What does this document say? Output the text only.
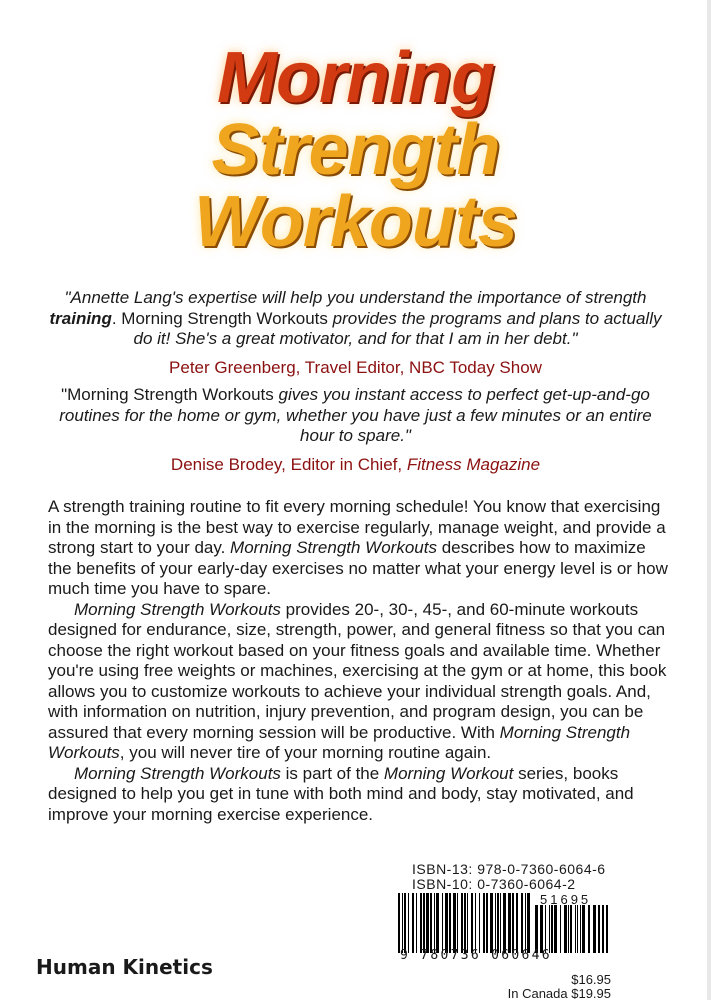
Morning
Strength
Workouts
"Annette Lang's expertise will help you understand the importance of strength training. Morning Strength Workouts provides the programs and plans to actually do it! She's a great motivator, and for that I am in her debt."
Peter Greenberg, Travel Editor, NBC Today Show
"Morning Strength Workouts gives you instant access to perfect get-up-and-go routines for the home or gym, whether you have just a few minutes or an entire hour to spare."
Denise Brodey, Editor in Chief, Fitness Magazine

A strength training routine to fit every morning schedule! You know that exercising in the morning is the best way to exercise regularly, manage weight, and provide a strong start to your day. Morning Strength Workouts describes how to maximize the benefits of your early-day exercises no matter what your energy level is or how much time you have to spare.

Morning Strength Workouts provides 20-, 30-, 45-, and 60-minute workouts designed for endurance, size, strength, power, and general fitness so that you can choose the right workout based on your fitness goals and available time. Whether you're using free weights or machines, exercising at the gym or at home, this book allows you to customize workouts to achieve your individual strength goals. And, with information on nutrition, injury prevention, and program design, you can be assured that every morning session will be productive. With Morning Strength Workouts, you will never tire of your morning routine again.

Morning Strength Workouts is part of the Morning Workout series, books designed to help you get in tune with both mind and body, stay motivated, and improve your morning exercise experience.

ISBN-13: 978-0-7360-6064-6
ISBN-10: 0-7360-6064-2
51695
9 780736 060646
$16.95
In Canada $19.95
Human Kinetics
